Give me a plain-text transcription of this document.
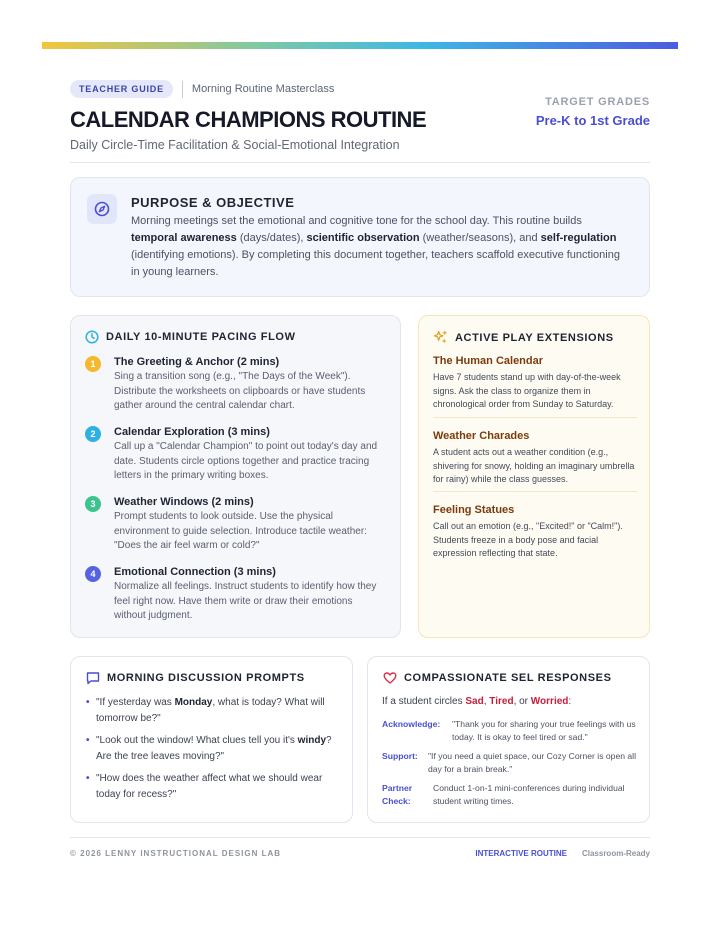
TEACHER GUIDE	Morning Routine Masterclass
CALENDAR CHAMPIONS ROUTINE
Daily Circle-Time Facilitation & Social-Emotional Integration
TARGET GRADES
Pre-K to 1st Grade
PURPOSE & OBJECTIVE
Morning meetings set the emotional and cognitive tone for the school day. This routine builds temporal awareness (days/dates), scientific observation (weather/seasons), and self-regulation (identifying emotions). By completing this document together, teachers scaffold executive functioning in young learners.
DAILY 10-MINUTE PACING FLOW
1	The Greeting & Anchor (2 mins)
Sing a transition song (e.g., "The Days of the Week"). Distribute the worksheets on clipboards or have students gather around the central calendar chart.
2	Calendar Exploration (3 mins)
Call up a "Calendar Champion" to point out today's day and date. Students circle options together and practice tracing letters in the primary writing boxes.
3	Weather Windows (2 mins)
Prompt students to look outside. Use the physical environment to guide selection. Introduce tactile weather: "Does the air feel warm or cold?"
4	Emotional Connection (3 mins)
Normalize all feelings. Instruct students to identify how they feel right now. Have them write or draw their emotions without judgment.
ACTIVE PLAY EXTENSIONS
The Human Calendar
Have 7 students stand up with day-of-the-week signs. Ask the class to organize them in chronological order from Sunday to Saturday.
Weather Charades
A student acts out a weather condition (e.g., shivering for snowy, holding an imaginary umbrella for rainy) while the class guesses.
Feeling Statues
Call out an emotion (e.g., "Excited!" or "Calm!"). Students freeze in a body pose and facial expression reflecting that state.
MORNING DISCUSSION PROMPTS
• "If yesterday was Monday, what is today? What will tomorrow be?"
• "Look out the window! What clues tell you it's windy? Are the tree leaves moving?"
• "How does the weather affect what we should wear today for recess?"
COMPASSIONATE SEL RESPONSES
If a student circles Sad, Tired, or Worried:
Acknowledge:	"Thank you for sharing your true feelings with us today. It is okay to feel tired or sad."
Support:	"If you need a quiet space, our Cozy Corner is open all day for a brain break."
Partner Check:
Conduct 1-on-1 mini-conferences during individual student writing times.
© 2026 LENNY INSTRUCTIONAL DESIGN LAB	INTERACTIVE ROUTINE Classroom-Ready
